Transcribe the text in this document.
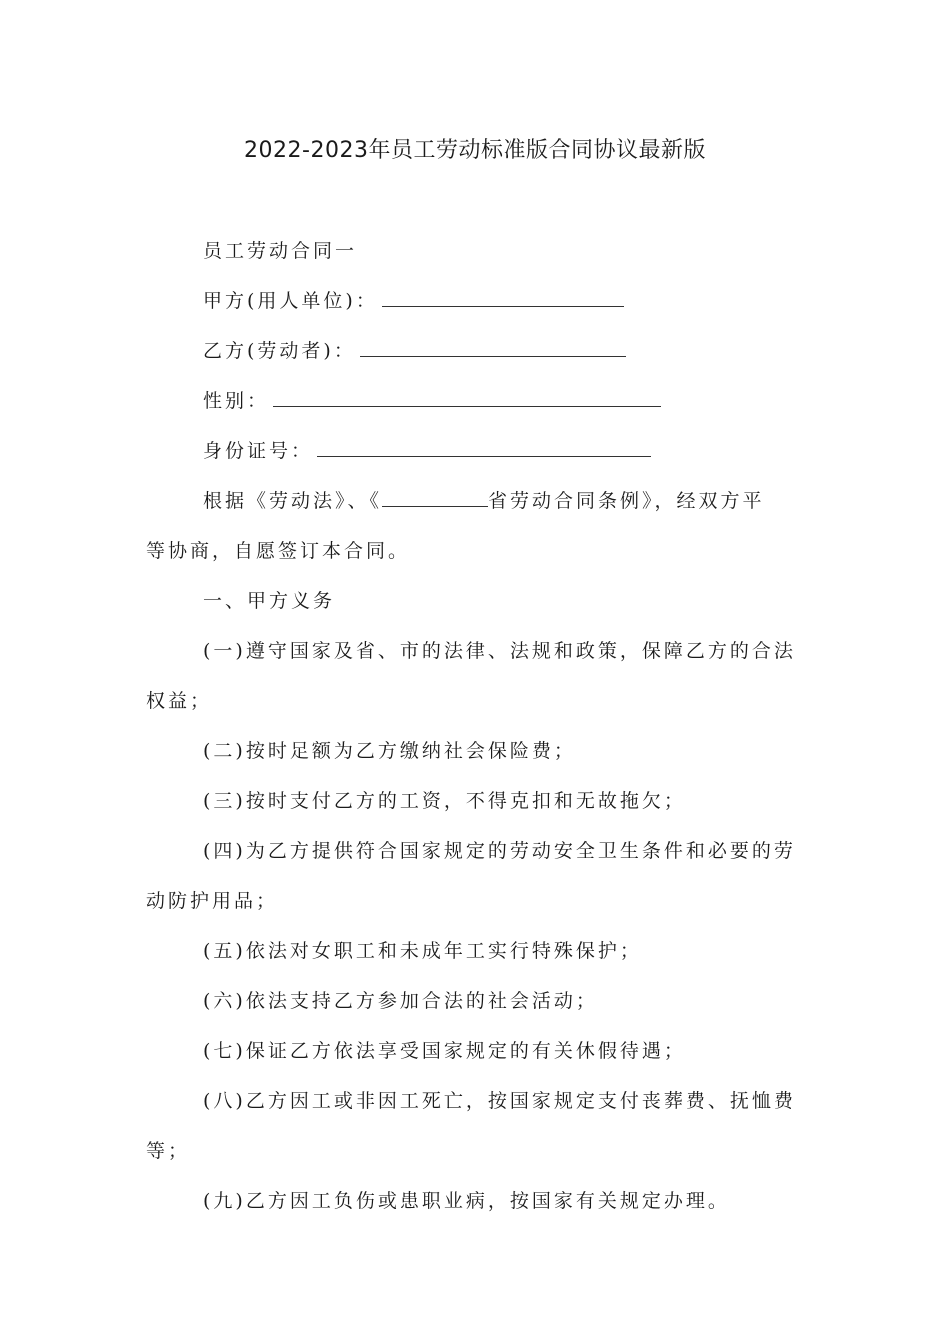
2022-2023年员工劳动标准版合同协议最新版
员工劳动合同一
甲方(用人单位)：
乙方(劳动者)：
性别：
身份证号：
根据《劳动法》、《	省劳动合同条例》，经双方平
等协商，自愿签订本合同。
一、甲方义务
(一)遵守国家及省、市的法律、法规和政策，保障乙方的合法
权益；
(二)按时足额为乙方缴纳社会保险费；
(三)按时支付乙方的工资，不得克扣和无故拖欠；
(四)为乙方提供符合国家规定的劳动安全卫生条件和必要的劳
动防护用品；
(五)依法对女职工和未成年工实行特殊保护；
(六)依法支持乙方参加合法的社会活动；
(七)保证乙方依法享受国家规定的有关休假待遇；
(八)乙方因工或非因工死亡，按国家规定支付丧葬费、抚恤费
等；
(九)乙方因工负伤或患职业病，按国家有关规定办理。
